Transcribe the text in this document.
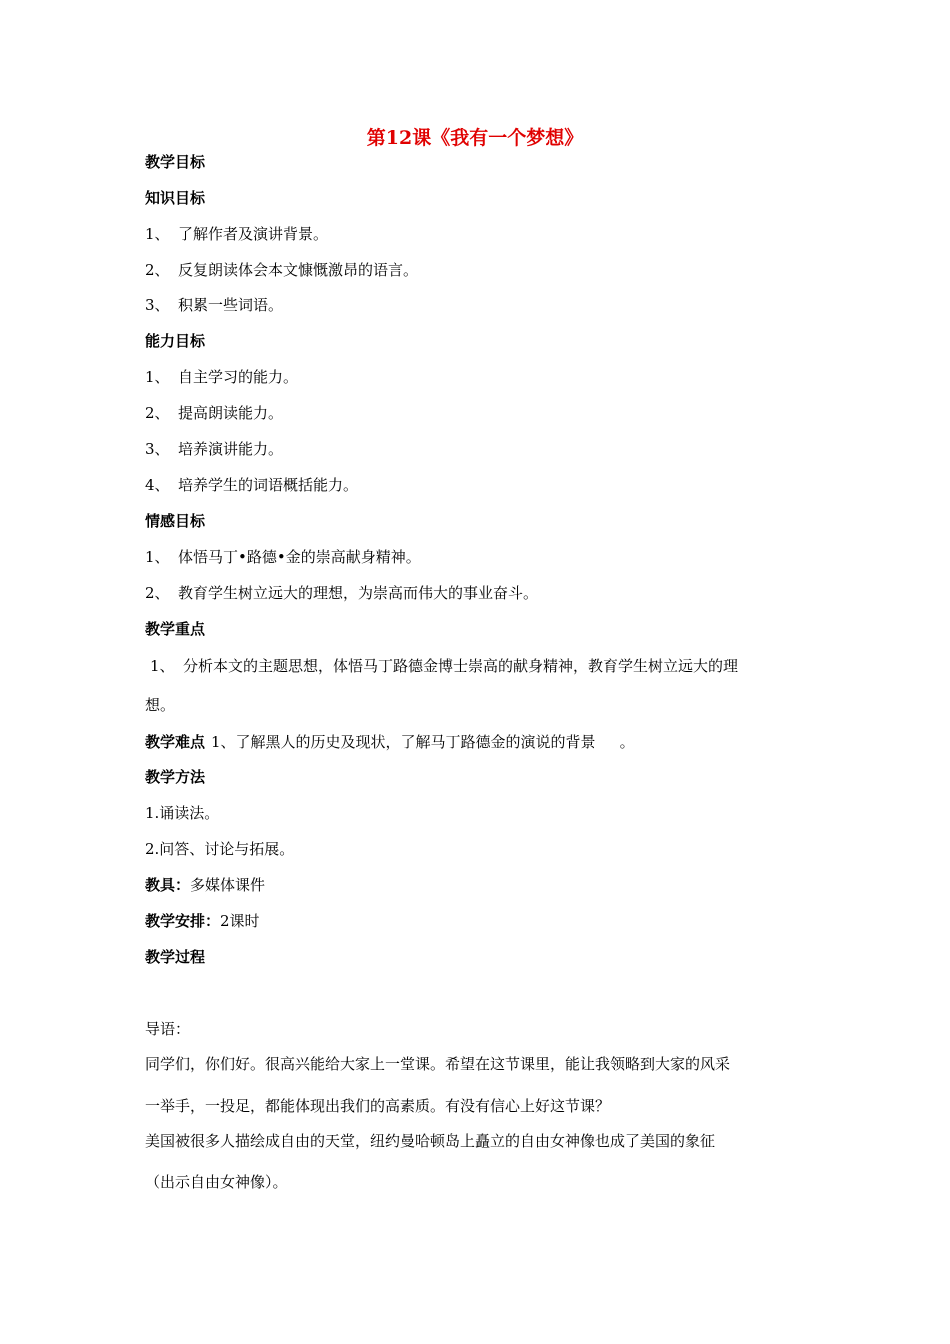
第12课《我有一个梦想》
教学目标
知识目标
1、 了解作者及演讲背景。
2、 反复朗读体会本文慷慨激昂的语言。
3、 积累一些词语。
能力目标
1、 自主学习的能力。
2、 提高朗读能力。
3、 培养演讲能力。
4、 培养学生的词语概括能力。
情感目标
1、 体悟马丁•路德•金的崇高献身精神。
2、 教育学生树立远大的理想，为崇高而伟大的事业奋斗。
教学重点
1、 分析本文的主题思想，体悟马丁路德金博士崇高的献身精神，教育学生树立远大的理
想。
教学难点 1、了解黑人的历史及现状，了解马丁路德金的演说的背景 。
教学方法
1.诵读法。
2.问答、讨论与拓展。
教具：多媒体课件
教学安排：2课时
教学过程
导语：
同学们，你们好。很高兴能给大家上一堂课。希望在这节课里，能让我领略到大家的风采
一举手，一投足，都能体现出我们的高素质。有没有信心上好这节课？
美国被很多人描绘成自由的天堂，纽约曼哈顿岛上矗立的自由女神像也成了美国的象征
（出示自由女神像）。
